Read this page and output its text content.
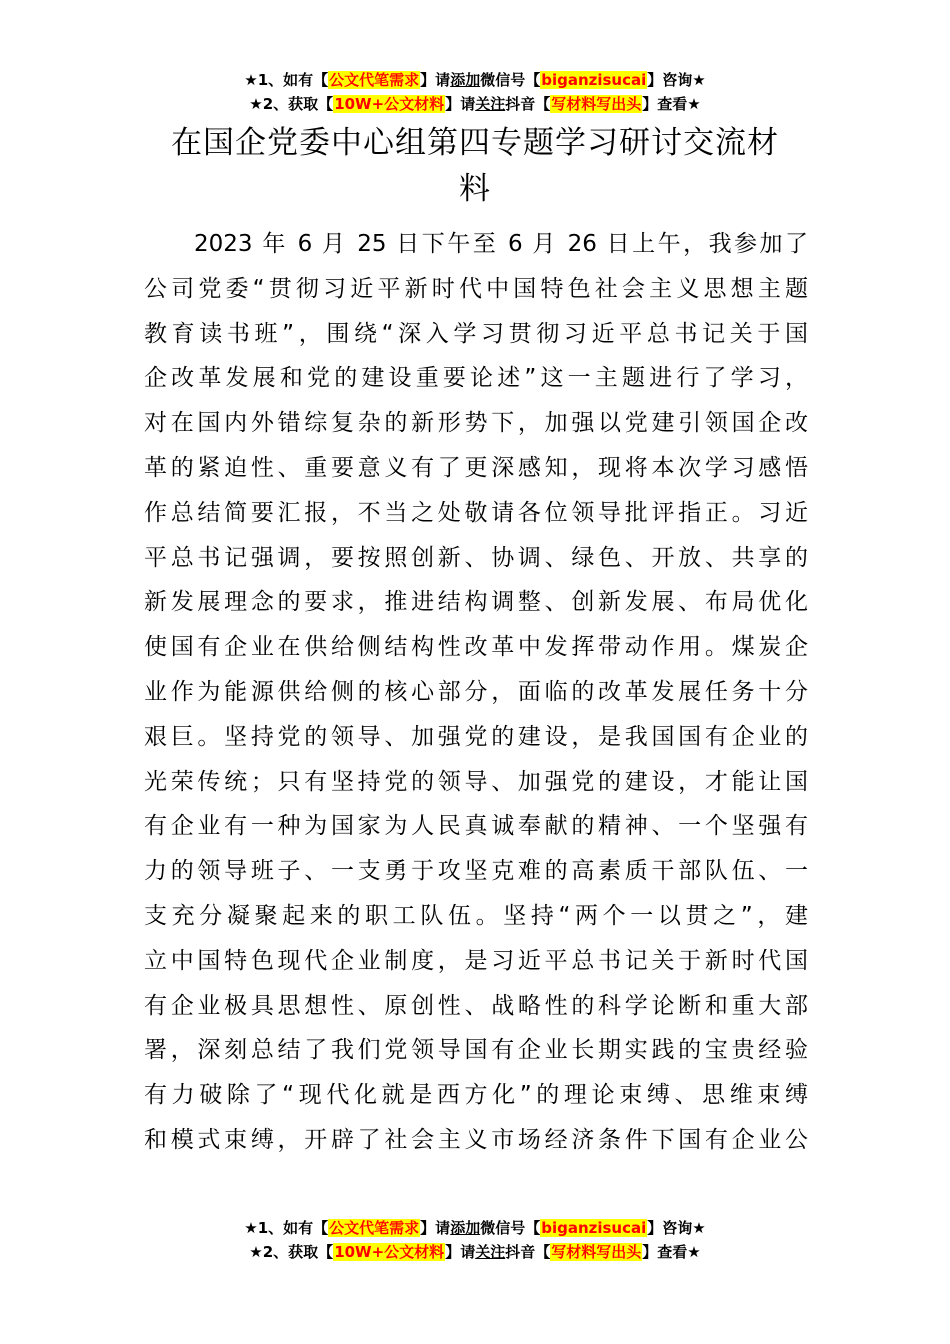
★1、如有【公文代笔需求】请添加微信号【biganzisucai】咨询★
★2、获取【10W+公文材料】请关注抖音【写材料写出头】查看★
在国企党委中心组第四专题学习研讨交流材
料
2023 年 6 月 25 日下午至 6 月 26 日上午，我参加了
公司党委“贯彻习近平新时代中国特色社会主义思想主题
教育读书班”，围绕“深入学习贯彻习近平总书记关于国
企改革发展和党的建设重要论述”这一主题进行了学习，
对在国内外错综复杂的新形势下，加强以党建引领国企改
革的紧迫性、重要意义有了更深感知，现将本次学习感悟
作总结简要汇报，不当之处敬请各位领导批评指正。习近
平总书记强调，要按照创新、协调、绿色、开放、共享的
新发展理念的要求，推进结构调整、创新发展、布局优化
使国有企业在供给侧结构性改革中发挥带动作用。煤炭企
业作为能源供给侧的核心部分，面临的改革发展任务十分
艰巨。坚持党的领导、加强党的建设，是我国国有企业的
光荣传统；只有坚持党的领导、加强党的建设，才能让国
有企业有一种为国家为人民真诚奉献的精神、一个坚强有
力的领导班子、一支勇于攻坚克难的高素质干部队伍、一
支充分凝聚起来的职工队伍。坚持“两个一以贯之”，建
立中国特色现代企业制度，是习近平总书记关于新时代国
有企业极具思想性、原创性、战略性的科学论断和重大部
署，深刻总结了我们党领导国有企业长期实践的宝贵经验
有力破除了“现代化就是西方化”的理论束缚、思维束缚
和模式束缚，开辟了社会主义市场经济条件下国有企业公
★1、如有【公文代笔需求】请添加微信号【biganzisucai】咨询★
★2、获取【10W+公文材料】请关注抖音【写材料写出头】查看★
